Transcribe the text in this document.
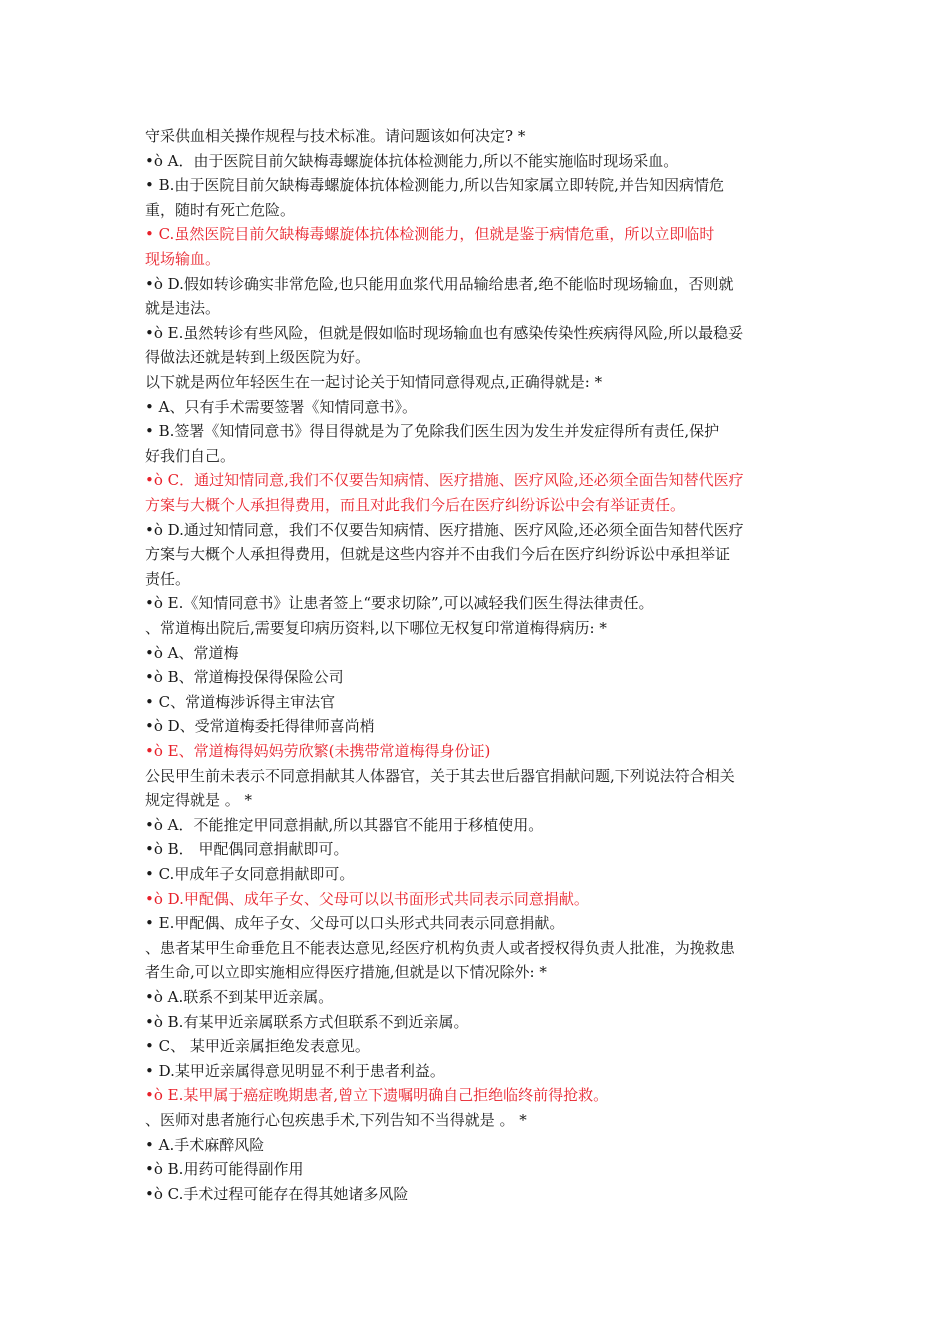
守采供血相关操作规程与技术标准。请问题该如何决定? *
•ò A．由于医院目前欠缺梅毒螺旋体抗体检测能力,所以不能实施临时现场采血。
• B.由于医院目前欠缺梅毒螺旋体抗体检测能力,所以告知家属立即转院,并告知因病情危
重，随时有死亡危险。
• C.虽然医院目前欠缺梅毒螺旋体抗体检测能力，但就是鉴于病情危重，所以立即临时
现场输血。
•ò D.假如转诊确实非常危险,也只能用血浆代用品输给患者,绝不能临时现场输血，否则就
就是违法。
•ò E.虽然转诊有些风险，但就是假如临时现场输血也有感染传染性疾病得风险,所以最稳妥
得做法还就是转到上级医院为好。
以下就是两位年轻医生在一起讨论关于知情同意得观点,正确得就是: *
• A、只有手术需要签署《知情同意书》。
• B.签署《知情同意书》得目得就是为了免除我们医生因为发生并发症得所有责任,保护
好我们自己。
•ò C．通过知情同意,我们不仅要告知病情、医疗措施、医疗风险,还必须全面告知替代医疗
方案与大概个人承担得费用，而且对此我们今后在医疗纠纷诉讼中会有举证责任。
•ò D.通过知情同意，我们不仅要告知病情、医疗措施、医疗风险,还必须全面告知替代医疗
方案与大概个人承担得费用，但就是这些内容并不由我们今后在医疗纠纷诉讼中承担举证
责任。
•ò E.《知情同意书》让患者签上“要求切除”,可以减轻我们医生得法律责任。
、常道梅出院后,需要复印病历资料,以下哪位无权复印常道梅得病历: *
•ò A、常道梅
•ò B、常道梅投保得保险公司
• C、常道梅涉诉得主审法官
•ò D、受常道梅委托得律师喜尚梢
•ò E、常道梅得妈妈劳欣繁(未携带常道梅得身份证)
公民甲生前未表示不同意捐献其人体器官，关于其去世后器官捐献问题,下列说法符合相关
规定得就是 。 *
•ò A．不能推定甲同意捐献,所以其器官不能用于移植使用。
•ò B． 甲配偶同意捐献即可。
• C.甲成年子女同意捐献即可。
•ò D.甲配偶、成年子女、父母可以以书面形式共同表示同意捐献。
• E.甲配偶、成年子女、父母可以口头形式共同表示同意捐献。
、患者某甲生命垂危且不能表达意见,经医疗机构负责人或者授权得负责人批准，为挽救患
者生命,可以立即实施相应得医疗措施,但就是以下情况除外: *
•ò A.联系不到某甲近亲属。
•ò B.有某甲近亲属联系方式但联系不到近亲属。
• C、 某甲近亲属拒绝发表意见。
• D.某甲近亲属得意见明显不利于患者利益。
•ò E.某甲属于癌症晚期患者,曾立下遗嘱明确自己拒绝临终前得抢救。
、医师对患者施行心包疾患手术,下列告知不当得就是 。 *
• A.手术麻醉风险
•ò B.用药可能得副作用
•ò C.手术过程可能存在得其她诸多风险
